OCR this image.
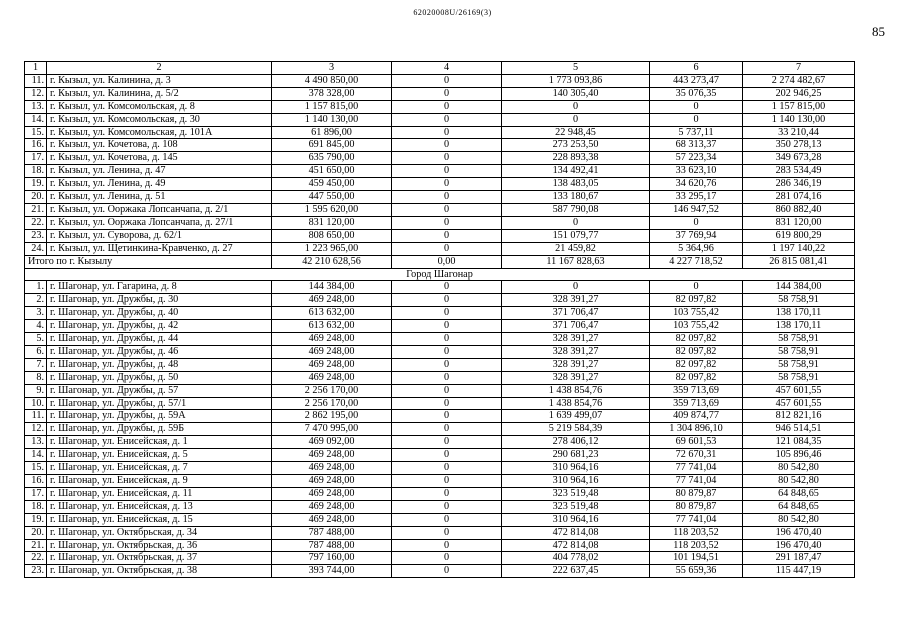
62020008U/26169(3)
85
1	2	3	4	5	6	7
11.	г. Кызыл, ул. Калинина, д. 3	4 490 850,00	0	1 773 093,86	443 273,47	2 274 482,67
12.	г. Кызыл, ул. Калинина, д. 5/2	378 328,00	0	140 305,40	35 076,35	202 946,25
13.	г. Кызыл, ул. Комсомольская, д. 8	1 157 815,00	0	0	0	1 157 815,00
14.	г. Кызыл, ул. Комсомольская, д. 30	1 140 130,00	0	0	0	1 140 130,00
15.	г. Кызыл, ул. Комсомольская, д. 101А	61 896,00	0	22 948,45	5 737,11	33 210,44
16.	г. Кызыл, ул. Кочетова, д. 108	691 845,00	0	273 253,50	68 313,37	350 278,13
17.	г. Кызыл, ул. Кочетова, д. 145	635 790,00	0	228 893,38	57 223,34	349 673,28
18.	г. Кызыл, ул. Ленина, д. 47	451 650,00	0	134 492,41	33 623,10	283 534,49
19.	г. Кызыл, ул. Ленина, д. 49	459 450,00	0	138 483,05	34 620,76	286 346,19
20.	г. Кызыл, ул. Ленина, д. 51	447 550,00	0	133 180,67	33 295,17	281 074,16
21.	г. Кызыл, ул. Ооржака Лопсанчапа, д. 2/1	1 595 620,00	0	587 790,08	146 947,52	860 882,40
22.	г. Кызыл, ул. Ооржака Лопсанчапа, д. 27/1	831 120,00	0	0	0	831 120,00
23.	г. Кызыл, ул. Суворова, д. 62/1	808 650,00	0	151 079,77	37 769,94	619 800,29
24.	г. Кызыл, ул. Щетинкина-Кравченко, д. 27	1 223 965,00	0	21 459,82	5 364,96	1 197 140,22
Итого по г. Кызылу		42 210 628,56	0,00	11 167 828,63	4 227 718,52	26 815 081,41
Город Шагонар						
1.	г. Шагонар, ул. Гагарина, д. 8	144 384,00	0	0	0	144 384,00
2.	г. Шагонар, ул. Дружбы, д. 30	469 248,00	0	328 391,27	82 097,82	58 758,91
3.	г. Шагонар, ул. Дружбы, д. 40	613 632,00	0	371 706,47	103 755,42	138 170,11
4.	г. Шагонар, ул. Дружбы, д. 42	613 632,00	0	371 706,47	103 755,42	138 170,11
5.	г. Шагонар, ул. Дружбы, д. 44	469 248,00	0	328 391,27	82 097,82	58 758,91
6.	г. Шагонар, ул. Дружбы, д. 46	469 248,00	0	328 391,27	82 097,82	58 758,91
7.	г. Шагонар, ул. Дружбы, д. 48	469 248,00	0	328 391,27	82 097,82	58 758,91
8.	г. Шагонар, ул. Дружбы, д. 50	469 248,00	0	328 391,27	82 097,82	58 758,91
9.	г. Шагонар, ул. Дружбы, д. 57	2 256 170,00	0	1 438 854,76	359 713,69	457 601,55
10.	г. Шагонар, ул. Дружбы, д. 57/1	2 256 170,00	0	1 438 854,76	359 713,69	457 601,55
11.	г. Шагонар, ул. Дружбы, д. 59А	2 862 195,00	0	1 639 499,07	409 874,77	812 821,16
12.	г. Шагонар, ул. Дружбы, д. 59Б	7 470 995,00	0	5 219 584,39	1 304 896,10	946 514,51
13.	г. Шагонар, ул. Енисейская, д. 1	469 092,00	0	278 406,12	69 601,53	121 084,35
14.	г. Шагонар, ул. Енисейская, д. 5	469 248,00	0	290 681,23	72 670,31	105 896,46
15.	г. Шагонар, ул. Енисейская, д. 7	469 248,00	0	310 964,16	77 741,04	80 542,80
16.	г. Шагонар, ул. Енисейская, д. 9	469 248,00	0	310 964,16	77 741,04	80 542,80
17.	г. Шагонар, ул. Енисейская, д. 11	469 248,00	0	323 519,48	80 879,87	64 848,65
18.	г. Шагонар, ул. Енисейская, д. 13	469 248,00	0	323 519,48	80 879,87	64 848,65
19.	г. Шагонар, ул. Енисейская, д. 15	469 248,00	0	310 964,16	77 741,04	80 542,80
20.	г. Шагонар, ул. Октябрьская, д. 34	787 488,00	0	472 814,08	118 203,52	196 470,40
21.	г. Шагонар, ул. Октябрьская, д. 36	787 488,00	0	472 814,08	118 203,52	196 470,40
22.	г. Шагонар, ул. Октябрьская, д. 37	797 160,00	0	404 778,02	101 194,51	291 187,47
23.	г. Шагонар, ул. Октябрьская, д. 38	393 744,00	0	222 637,45	55 659,36	115 447,19
